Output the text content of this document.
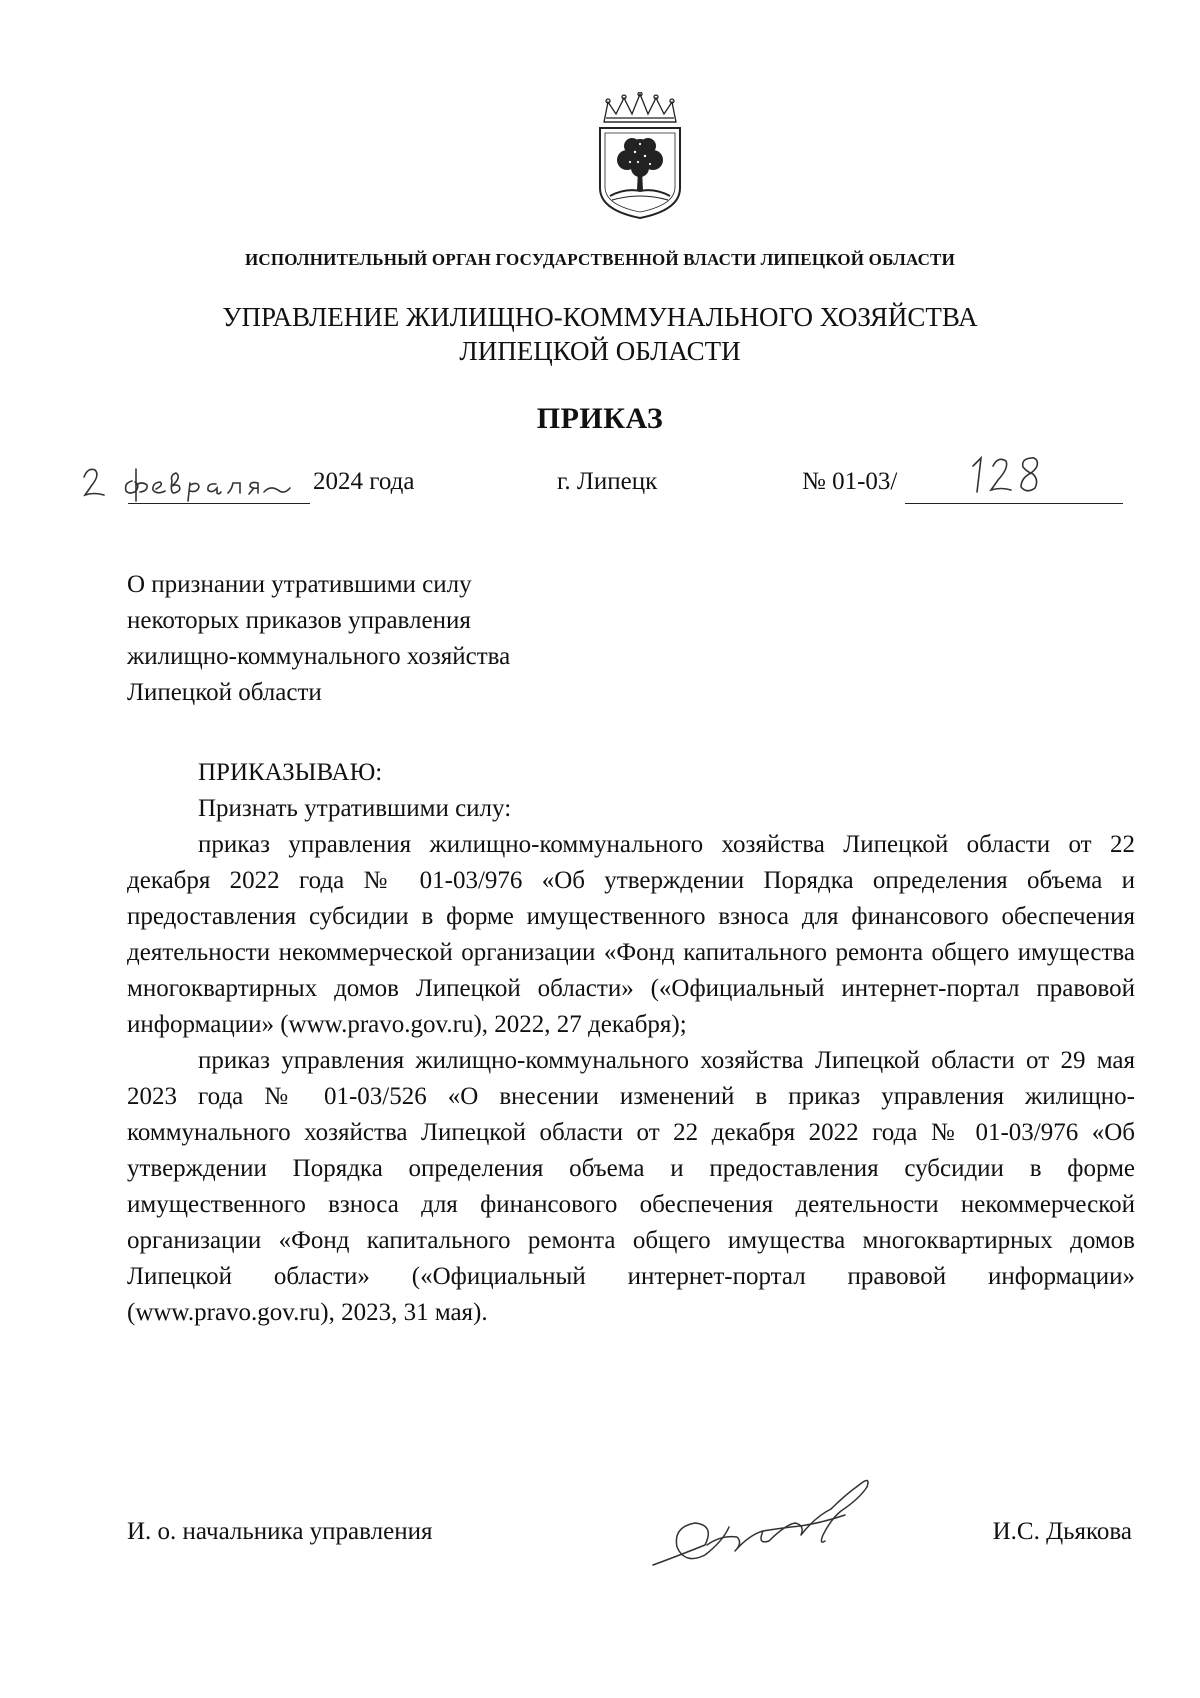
ИСПОЛНИТЕЛЬНЫЙ ОРГАН ГОСУДАРСТВЕННОЙ ВЛАСТИ ЛИПЕЦКОЙ ОБЛАСТИ
УПРАВЛЕНИЕ ЖИЛИЩНО-КОММУНАЛЬНОГО ХОЗЯЙСТВА
ЛИПЕЦКОЙ ОБЛАСТИ
ПРИКАЗ
2024 года	г. Липецк	№ 01-03/
О признании утратившими силу
некоторых приказов управления
жилищно-коммунального хозяйства
Липецкой области

ПРИКАЗЫВАЮ:

Признать утратившими силу:

приказ управления жилищно-коммунального хозяйства Липецкой области от 22 декабря 2022 года № 01-03/976 «Об утверждении Порядка определения объема и предоставления субсидии в форме имущественного взноса для финансового обеспечения деятельности некоммерческой организации «Фонд капитального ремонта общего имущества многоквартирных домов Липецкой области» («Официальный интернет-портал правовой информации» (www.pravo.gov.ru), 2022, 27 декабря);

приказ управления жилищно-коммунального хозяйства Липецкой области от 29 мая 2023 года № 01-03/526 «О внесении изменений в приказ управления жилищно-коммунального хозяйства Липецкой области от 22 декабря 2022 года № 01-03/976 «Об утверждении Порядка определения объема и предоставления субсидии в форме имущественного взноса для финансового обеспечения деятельности некоммерческой организации «Фонд капитального ремонта общего имущества многоквартирных домов Липецкой области» («Официальный интернет-портал правовой информации» (www.pravo.gov.ru), 2023, 31 мая).

И. о. начальника управления	И.С. Дьякова
